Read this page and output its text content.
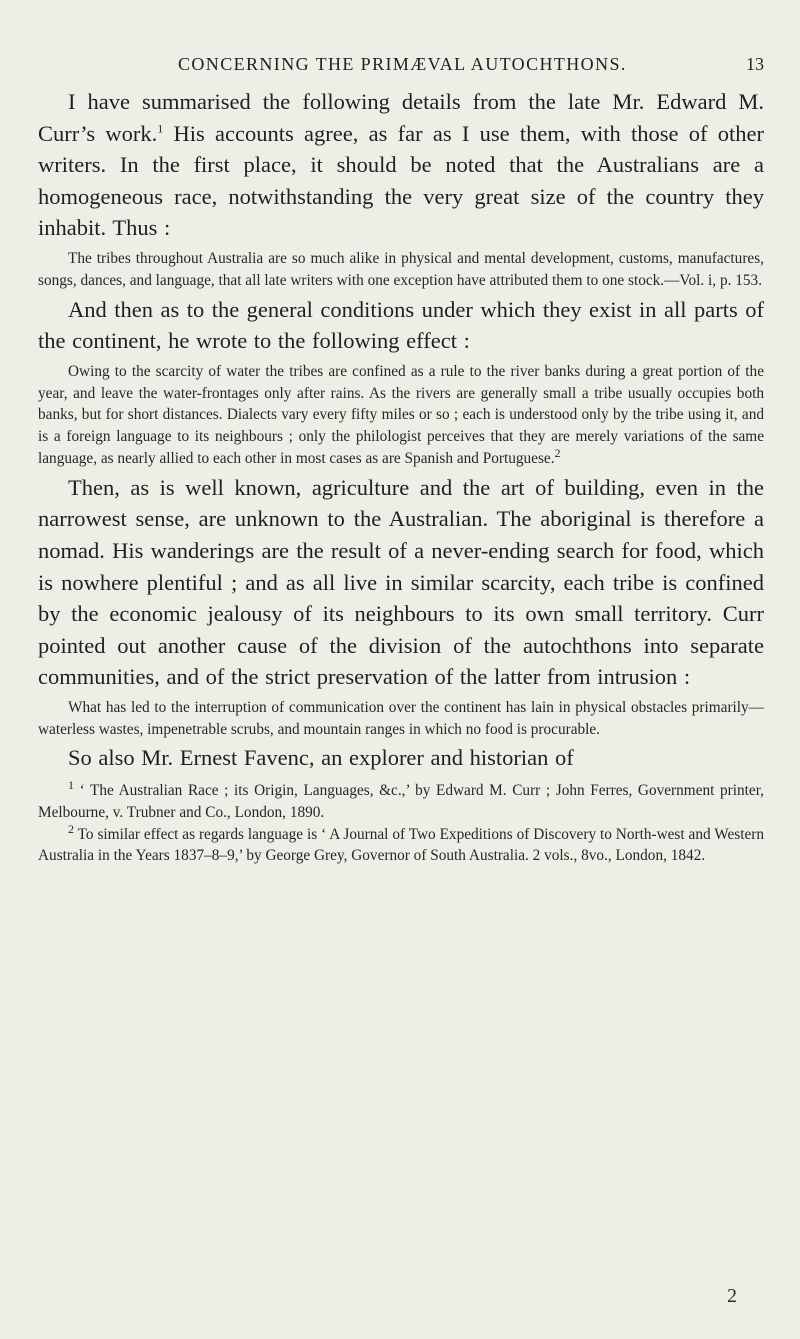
CONCERNING THE PRIMÆVAL AUTOCHTHONS.	13

I have summarised the following details from the late Mr. Edward M. Curr’s work.$^1$ His accounts agree, as far as I use them, with those of other writers. In the first place, it should be noted that the Australians are a homogeneous race, notwithstanding the very great size of the country they inhabit. Thus :

The tribes throughout Australia are so much alike in physical and mental development, customs, manufactures, songs, dances, and language, that all late writers with one exception have attributed them to one stock.—Vol. i, p. 153.

And then as to the general conditions under which they exist in all parts of the continent, he wrote to the following effect :

Owing to the scarcity of water the tribes are confined as a rule to the river banks during a great portion of the year, and leave the water-frontages only after rains. As the rivers are generally small a tribe usually occupies both banks, but for short distances. Dialects vary every fifty miles or so ; each is understood only by the tribe using it, and is a foreign language to its neighbours ; only the philologist perceives that they are merely variations of the same language, as nearly allied to each other in most cases as are Spanish and Portuguese.$^2$

Then, as is well known, agriculture and the art of building, even in the narrowest sense, are unknown to the Australian. The aboriginal is therefore a nomad. His wanderings are the result of a never-ending search for food, which is nowhere plentiful ; and as all live in similar scarcity, each tribe is confined by the economic jealousy of its neighbours to its own small territory. Curr pointed out another cause of the division of the autochthons into separate communities, and of the strict preservation of the latter from intrusion :

What has led to the interruption of communication over the continent has lain in physical obstacles primarily—waterless wastes, impenetrable scrubs, and mountain ranges in which no food is procurable.

So also Mr. Ernest Favenc, an explorer and historian of

$^1$ ‘ The Australian Race ; its Origin, Languages, &c.,’ by Edward M. Curr ; John Ferres, Government printer, Melbourne, v. Trubner and Co., London, 1890.

$^2$ To similar effect as regards language is ‘ A Journal of Two Expeditions of Discovery to North-west and Western Australia in the Years 1837–8–9,’ by George Grey, Governor of South Australia. 2 vols., 8vo., London, 1842.

2
